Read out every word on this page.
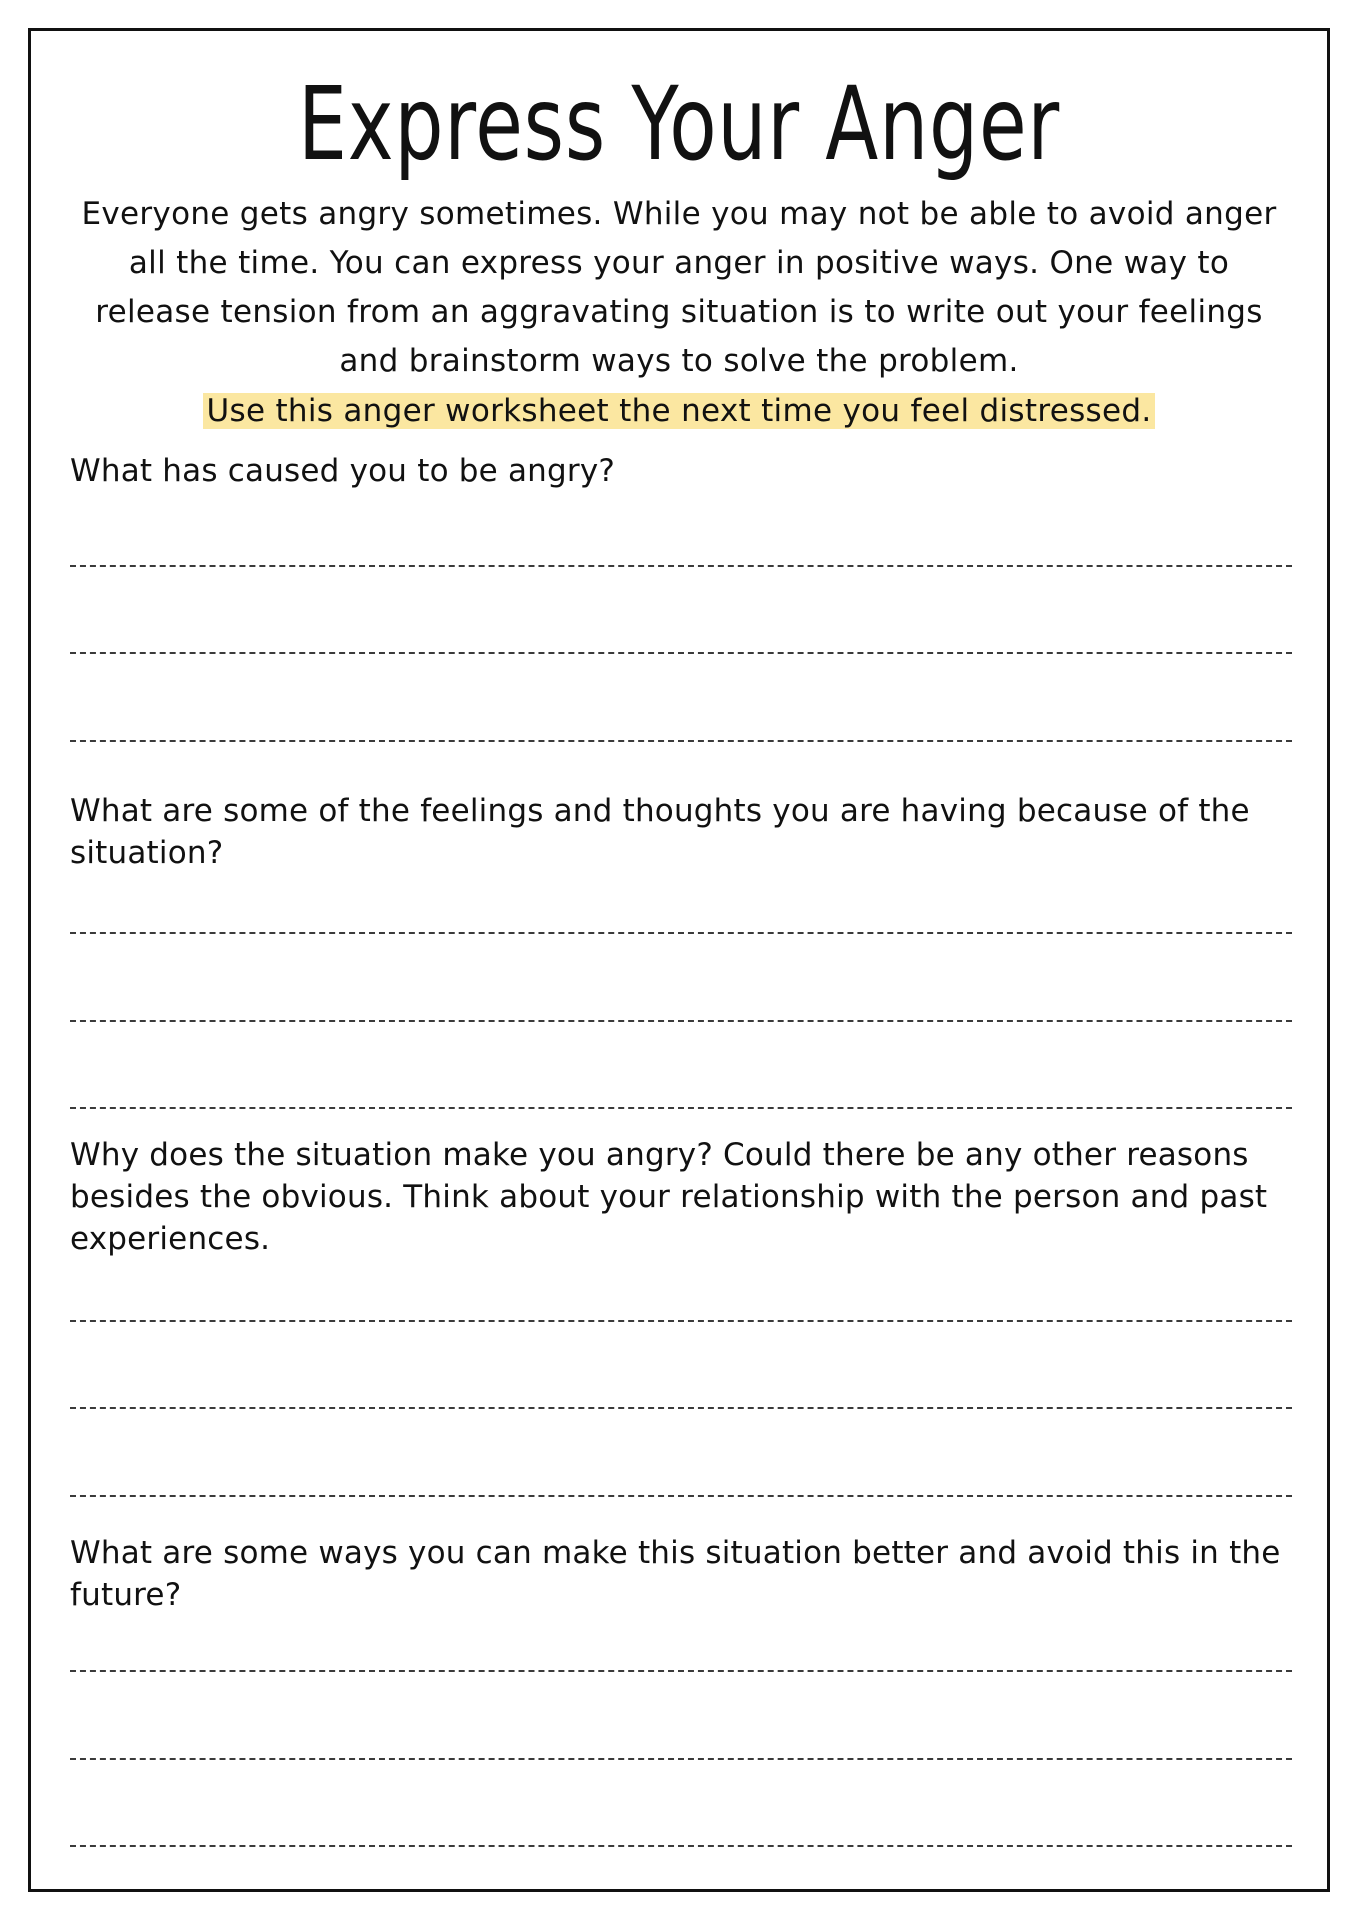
Express Your Anger

Everyone gets angry sometimes. While you may not be able to avoid anger all the time. You can express your anger in positive ways. One way to release tension from an aggravating situation is to write out your feelings and brainstorm ways to solve the problem.

Use this anger worksheet the next time you feel distressed.

What has caused you to be angry?

What are some of the feelings and thoughts you are having because of the situation?

Why does the situation make you angry? Could there be any other reasons besides the obvious. Think about your relationship with the person and past experiences.

What are some ways you can make this situation better and avoid this in the future?
